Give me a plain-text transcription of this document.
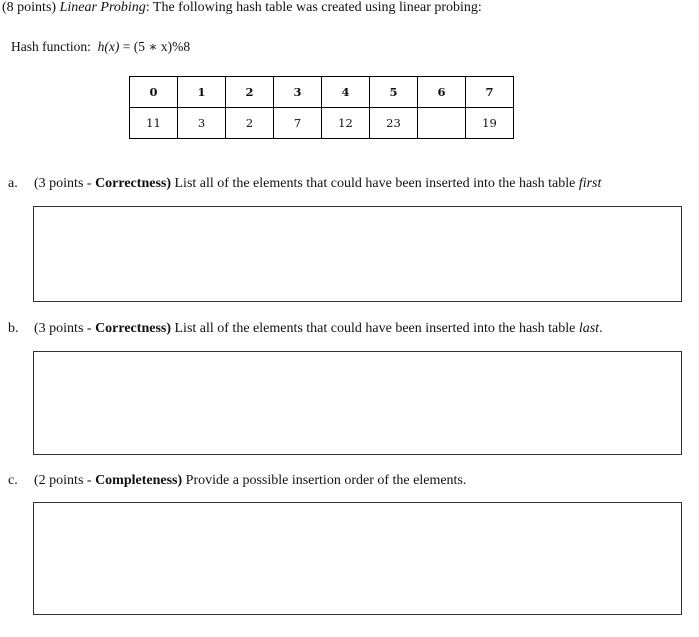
(8 points) Linear Probing: The following hash table was created using linear probing:
Hash function: h(x) = (5 ∗ x)%8
0	1	2	3	4	5	6	7
11	3	2	7	12	23		19
a. (3 points - Correctness) List all of the elements that could have been inserted into the hash table first
b. (3 points - Correctness) List all of the elements that could have been inserted into the hash table last.
c. (2 points - Completeness) Provide a possible insertion order of the elements.
